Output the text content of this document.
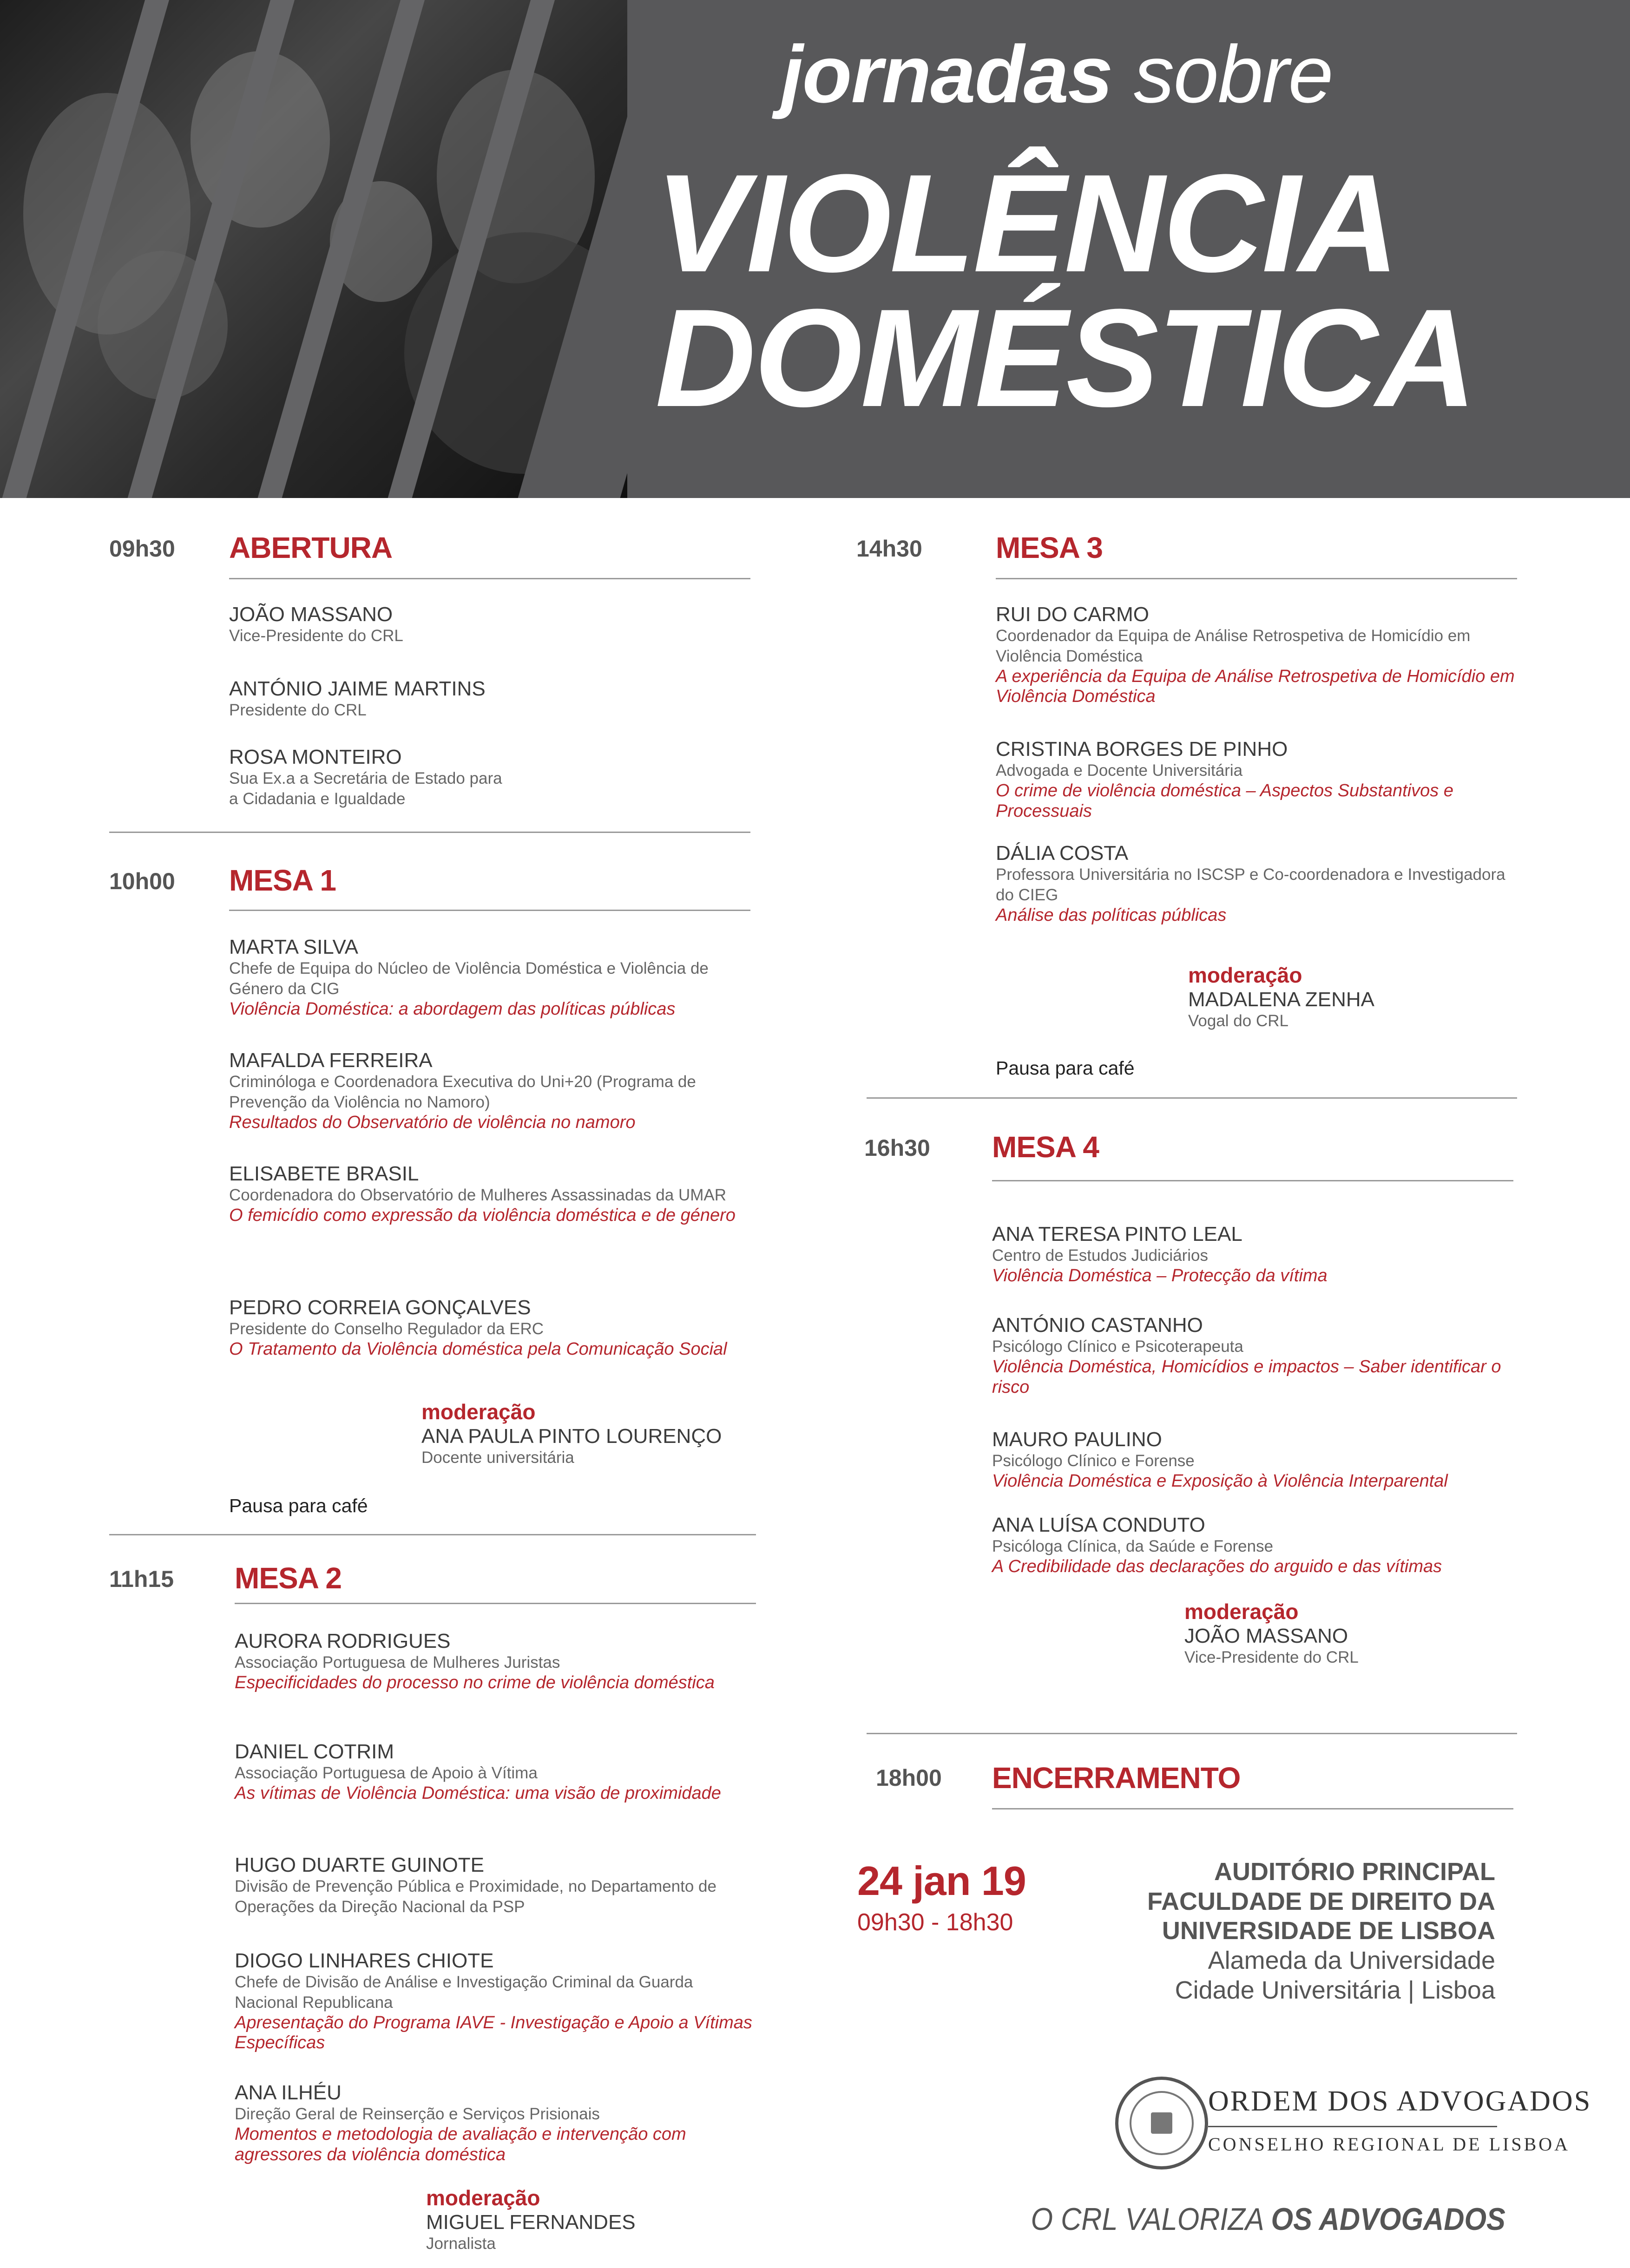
jornadas sobre
VIOLÊNCIA
DOMÉSTICA
09h30 ABERTURA
JOÃO MASSANO
Vice-Presidente do CRL
ANTÓNIO JAIME MARTINS
Presidente do CRL
ROSA MONTEIRO
Sua Ex.a a Secretária de Estado para
a Cidadania e Igualdade
10h00 MESA 1
MARTA SILVA
Chefe de Equipa do Núcleo de Violência Doméstica e Violência de Género da CIG
Violência Doméstica: a abordagem das políticas públicas
MAFALDA FERREIRA
Criminóloga e Coordenadora Executiva do Uni+20 (Programa de Prevenção da Violência no Namoro)
Resultados do Observatório de violência no namoro
ELISABETE BRASIL
Coordenadora do Observatório de Mulheres Assassinadas da UMAR
O femicídio como expressão da violência doméstica e de género
PEDRO CORREIA GONÇALVES
Presidente do Conselho Regulador da ERC
O Tratamento da Violência doméstica pela Comunicação Social
moderação
ANA PAULA PINTO LOURENÇO
Docente universitária
Pausa para café
11h15 MESA 2
AURORA RODRIGUES
Associação Portuguesa de Mulheres Juristas
Especificidades do processo no crime de violência doméstica
DANIEL COTRIM
Associação Portuguesa de Apoio à Vítima
As vítimas de Violência Doméstica: uma visão de proximidade
HUGO DUARTE GUINOTE
Divisão de Prevenção Pública e Proximidade, no Departamento de Operações da Direção Nacional da PSP
DIOGO LINHARES CHIOTE
Chefe de Divisão de Análise e Investigação Criminal da Guarda Nacional Republicana
Apresentação do Programa IAVE - Investigação e Apoio a Vítimas Específicas
ANA ILHÉU
Direção Geral de Reinserção e Serviços Prisionais
Momentos e metodologia de avaliação e intervenção com agressores da violência doméstica
moderação
MIGUEL FERNANDES
Jornalista
14h30 MESA 3
RUI DO CARMO
Coordenador da Equipa de Análise Retrospetiva de Homicídio em Violência Doméstica
A experiência da Equipa de Análise Retrospetiva de Homicídio em Violência Doméstica
CRISTINA BORGES DE PINHO
Advogada e Docente Universitária
O crime de violência doméstica – Aspectos Substantivos e Processuais
DÁLIA COSTA
Professora Universitária no ISCSP e Co-coordenadora e Investigadora do CIEG
Análise das políticas públicas
moderação
MADALENA ZENHA
Vogal do CRL
Pausa para café
16h30 MESA 4
ANA TERESA PINTO LEAL
Centro de Estudos Judiciários
Violência Doméstica – Protecção da vítima
ANTÓNIO CASTANHO
Psicólogo Clínico e Psicoterapeuta
Violência Doméstica, Homicídios e impactos – Saber identificar o risco
MAURO PAULINO
Psicólogo Clínico e Forense
Violência Doméstica e Exposição à Violência Interparental
ANA LUÍSA CONDUTO
Psicóloga Clínica, da Saúde e Forense
A Credibilidade das declarações do arguido e das vítimas
moderação
JOÃO MASSANO
Vice-Presidente do CRL
18h00 ENCERRAMENTO
24 jan 19
09h30 - 18h30
AUDITÓRIO PRINCIPAL
FACULDADE DE DIREITO DA
UNIVERSIDADE DE LISBOA
Alameda da Universidade
Cidade Universitária | Lisboa
ORDEM DOS ADVOGADOS
CONSELHO REGIONAL DE LISBOA
O CRL VALORIZA OS ADVOGADOS
